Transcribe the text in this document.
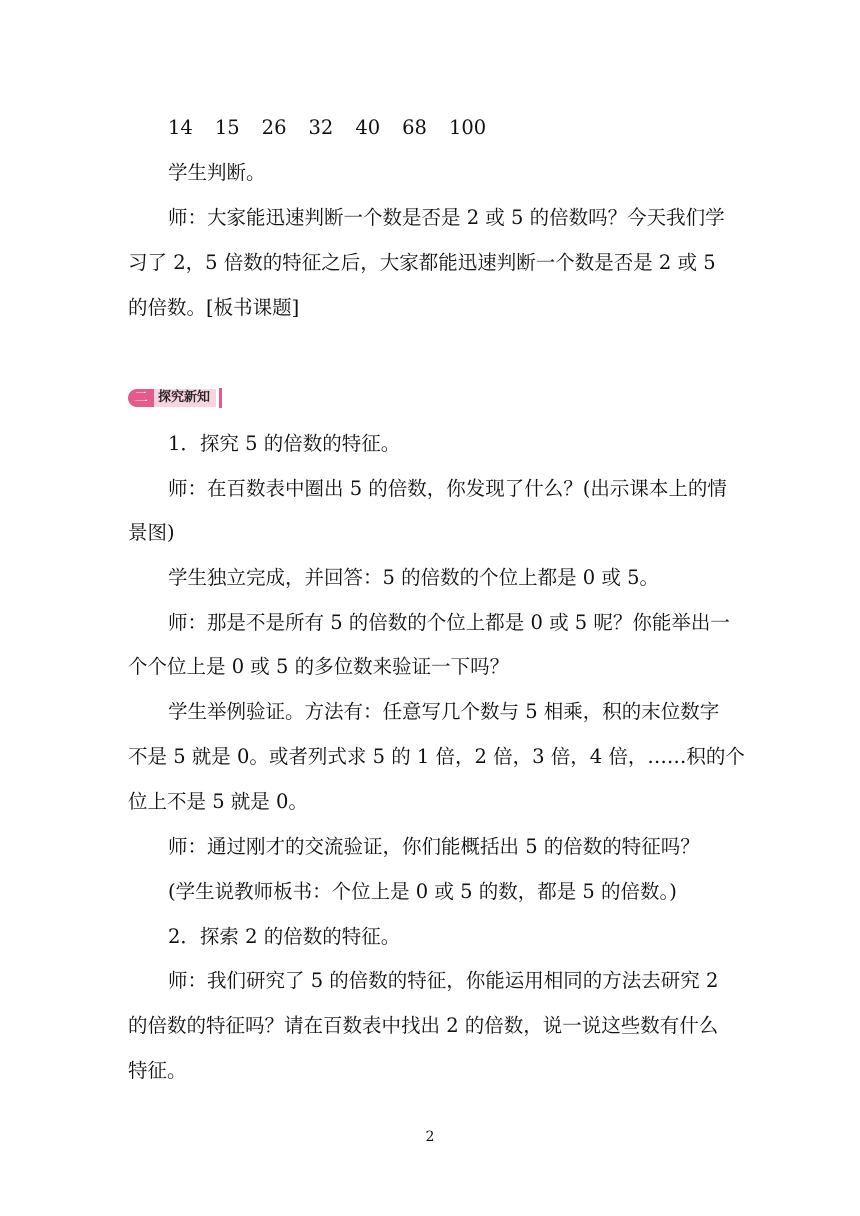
14 15 26 32 40 68 100
学生判断。
师：大家能迅速判断一个数是否是 2 或 5 的倍数吗？今天我们学
习了 2，5 倍数的特征之后，大家都能迅速判断一个数是否是 2 或 5
的倍数。[板书课题]
二 探究新知
1．探究 5 的倍数的特征。
师：在百数表中圈出 5 的倍数，你发现了什么？(出示课本上的情
景图)
学生独立完成，并回答：5 的倍数的个位上都是 0 或 5。
师：那是不是所有 5 的倍数的个位上都是 0 或 5 呢？你能举出一
个个位上是 0 或 5 的多位数来验证一下吗？
学生举例验证。方法有：任意写几个数与 5 相乘，积的末位数字
不是 5 就是 0。或者列式求 5 的 1 倍，2 倍，3 倍，4 倍，……积的个
位上不是 5 就是 0。
师：通过刚才的交流验证，你们能概括出 5 的倍数的特征吗？
(学生说教师板书：个位上是 0 或 5 的数，都是 5 的倍数。)
2．探索 2 的倍数的特征。
师：我们研究了 5 的倍数的特征，你能运用相同的方法去研究 2
的倍数的特征吗？请在百数表中找出 2 的倍数，说一说这些数有什么
特征。
2
